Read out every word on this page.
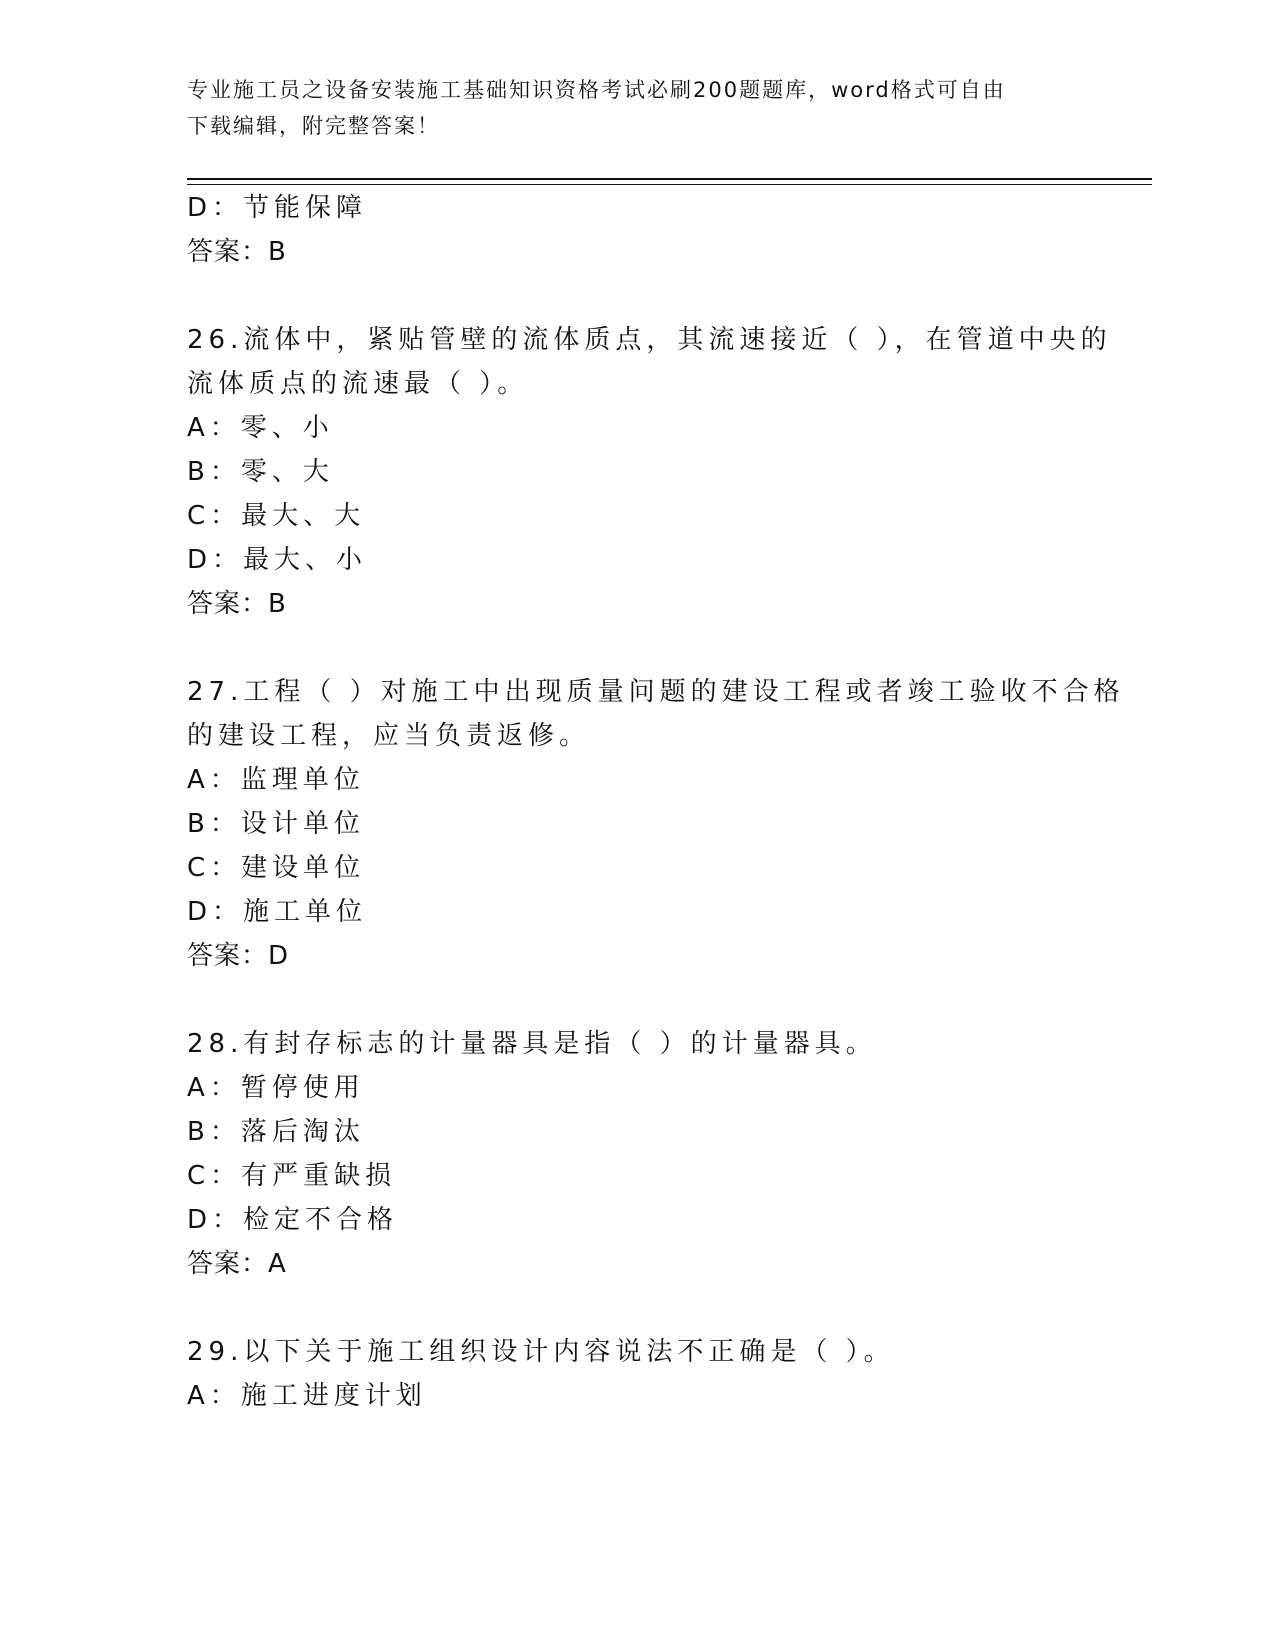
专业施工员之设备安装施工基础知识资格考试必刷200题题库，word格式可自由
下载编辑，附完整答案！
D：节能保障
答案：B
26.流体中，紧贴管壁的流体质点，其流速接近（ ），在管道中央的
流体质点的流速最（ ）。
A：零、小
B：零、大
C：最大、大
D：最大、小
答案：B
27.工程（ ）对施工中出现质量问题的建设工程或者竣工验收不合格
的建设工程，应当负责返修。
A：监理单位
B：设计单位
C：建设单位
D：施工单位
答案：D
28.有封存标志的计量器具是指（ ）的计量器具。
A：暂停使用
B：落后淘汰
C：有严重缺损
D：检定不合格
答案：A
29.以下关于施工组织设计内容说法不正确是（ ）。
A：施工进度计划
